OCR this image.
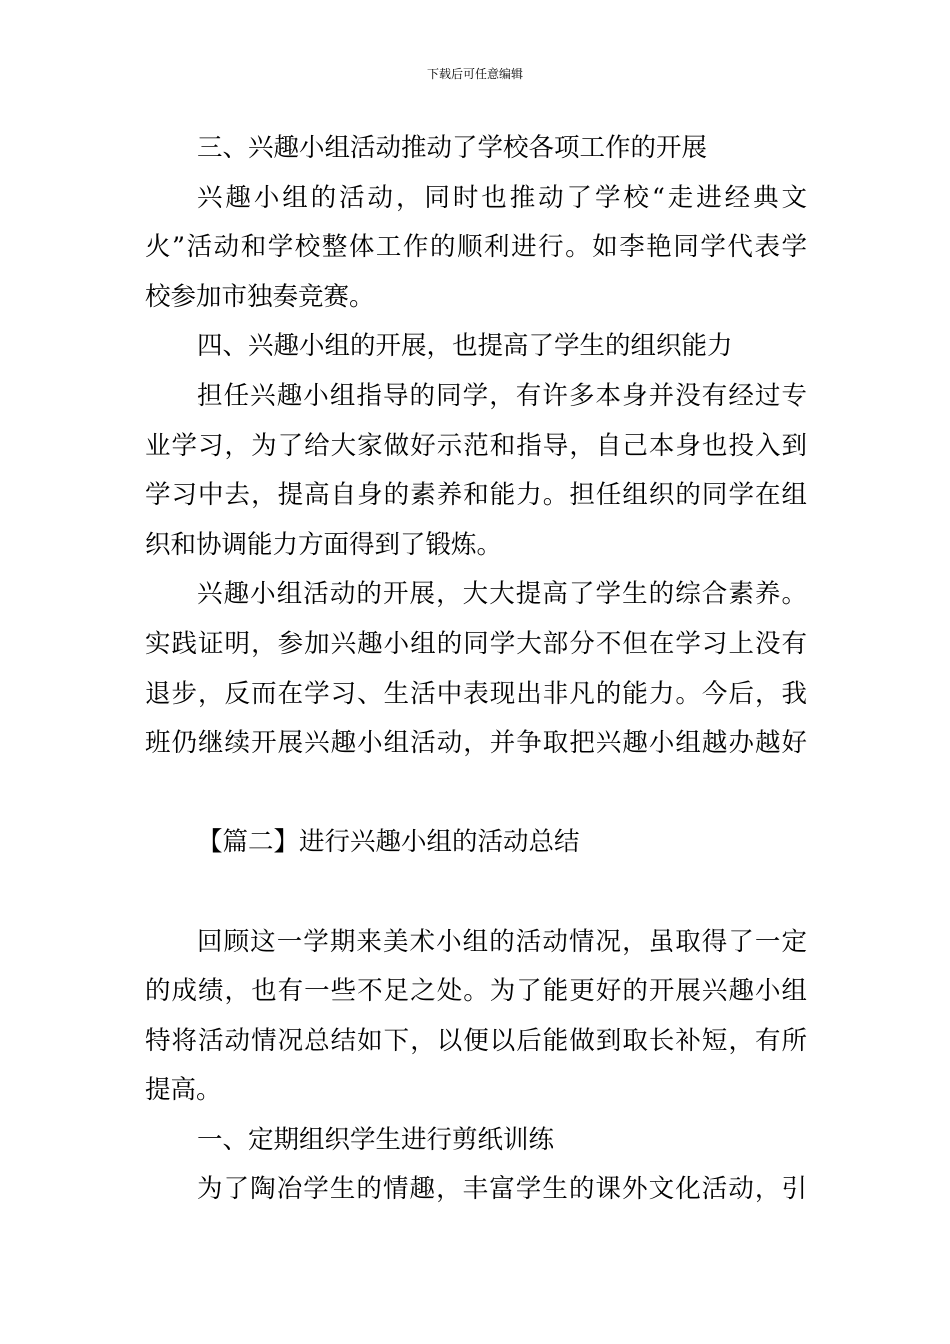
下载后可任意编辑
三、兴趣小组活动推动了学校各项工作的开展
兴趣小组的活动，同时也推动了学校“走进经典文
火”活动和学校整体工作的顺利进行。如李艳同学代表学
校参加市独奏竞赛。
四、兴趣小组的开展，也提高了学生的组织能力
担任兴趣小组指导的同学，有许多本身并没有经过专
业学习，为了给大家做好示范和指导，自己本身也投入到
学习中去，提高自身的素养和能力。担任组织的同学在组
织和协调能力方面得到了锻炼。
兴趣小组活动的开展，大大提高了学生的综合素养。
实践证明，参加兴趣小组的同学大部分不但在学习上没有
退步，反而在学习、生活中表现出非凡的能力。今后，我
班仍继续开展兴趣小组活动，并争取把兴趣小组越办越好
【篇二】进行兴趣小组的活动总结
回顾这一学期来美术小组的活动情况，虽取得了一定
的成绩，也有一些不足之处。为了能更好的开展兴趣小组
特将活动情况总结如下，以便以后能做到取长补短，有所
提高。
一、定期组织学生进行剪纸训练
为了陶冶学生的情趣，丰富学生的课外文化活动，引
